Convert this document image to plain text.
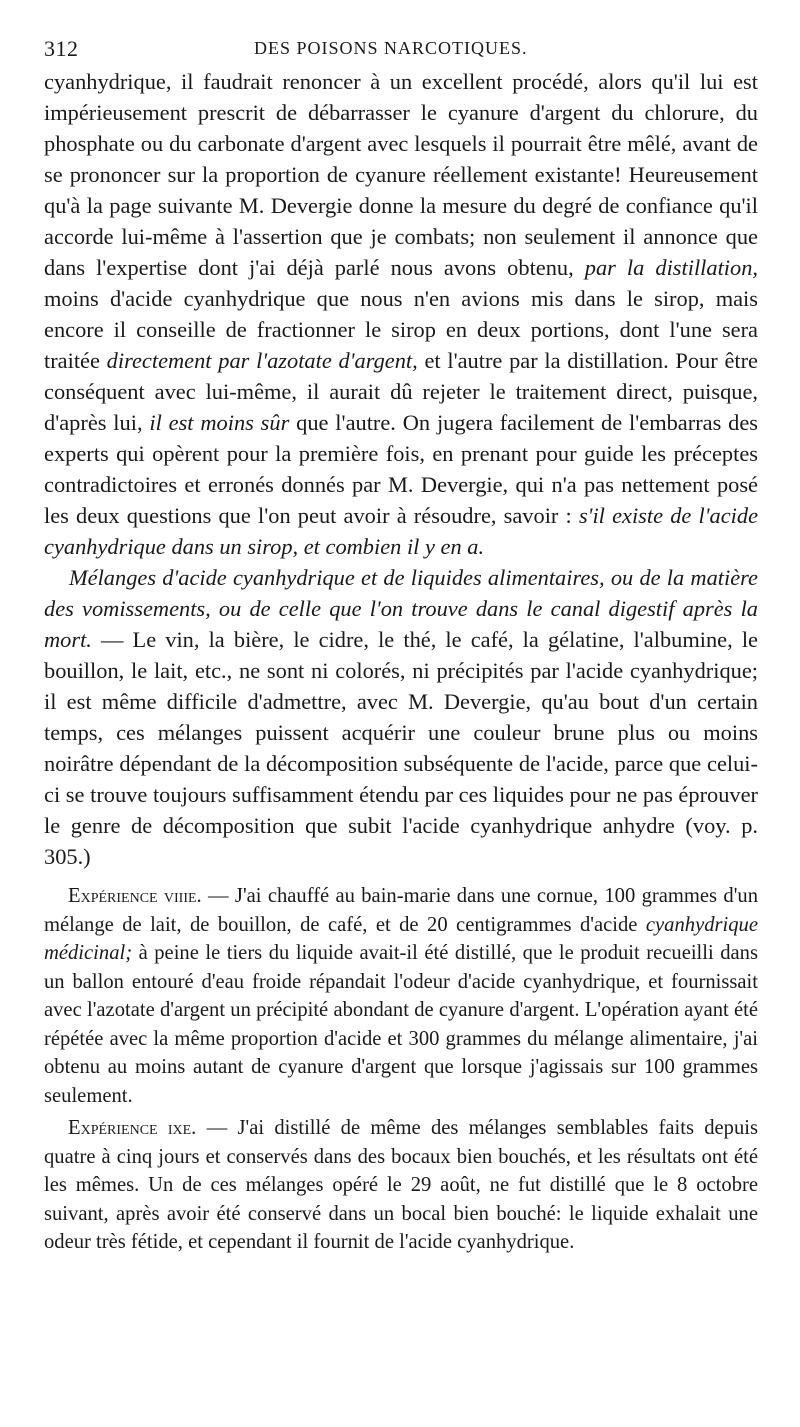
312	DES POISONS NARCOTIQUES.

cyanhydrique, il faudrait renoncer à un excellent procédé, alors qu'il lui est impérieusement prescrit de débarrasser le cyanure d'argent du chlorure, du phosphate ou du carbonate d'argent avec lesquels il pourrait être mêlé, avant de se prononcer sur la proportion de cyanure réellement existante! Heureusement qu'à la page suivante M. Devergie donne la mesure du degré de confiance qu'il accorde lui-même à l'assertion que je combats; non seulement il annonce que dans l'expertise dont j'ai déjà parlé nous avons obtenu, par la distillation, moins d'acide cyanhydrique que nous n'en avions mis dans le sirop, mais encore il conseille de fractionner le sirop en deux portions, dont l'une sera traitée directement par l'azotate d'argent, et l'autre par la distillation. Pour être conséquent avec lui-même, il aurait dû rejeter le traitement direct, puisque, d'après lui, il est moins sûr que l'autre. On jugera facilement de l'embarras des experts qui opèrent pour la première fois, en prenant pour guide les préceptes contradictoires et erronés donnés par M. Devergie, qui n'a pas nettement posé les deux questions que l'on peut avoir à résoudre, savoir : s'il existe de l'acide cyanhydrique dans un sirop, et combien il y en a.

Mélanges d'acide cyanhydrique et de liquides alimentaires, ou de la matière des vomissements, ou de celle que l'on trouve dans le canal digestif après la mort. — Le vin, la bière, le cidre, le thé, le café, la gélatine, l'albumine, le bouillon, le lait, etc., ne sont ni colorés, ni précipités par l'acide cyanhydrique; il est même difficile d'admettre, avec M. Devergie, qu'au bout d'un certain temps, ces mélanges puissent acquérir une couleur brune plus ou moins noirâtre dépendant de la décomposition subséquente de l'acide, parce que celui-ci se trouve toujours suffisamment étendu par ces liquides pour ne pas éprouver le genre de décomposition que subit l'acide cyanhydrique anhydre (voy. p. 305.)

Expérience viiie. — J'ai chauffé au bain-marie dans une cornue, 100 grammes d'un mélange de lait, de bouillon, de café, et de 20 centigrammes d'acide cyanhydrique médicinal; à peine le tiers du liquide avait-il été distillé, que le produit recueilli dans un ballon entouré d'eau froide répandait l'odeur d'acide cyanhydrique, et fournissait avec l'azotate d'argent un précipité abondant de cyanure d'argent. L'opération ayant été répétée avec la même proportion d'acide et 300 grammes du mélange alimentaire, j'ai obtenu au moins autant de cyanure d'argent que lorsque j'agissais sur 100 grammes seulement.

Expérience ixe. — J'ai distillé de même des mélanges semblables faits depuis quatre à cinq jours et conservés dans des bocaux bien bouchés, et les résultats ont été les mêmes. Un de ces mélanges opéré le 29 août, ne fut distillé que le 8 octobre suivant, après avoir été conservé dans un bocal bien bouché: le liquide exhalait une odeur très fétide, et cependant il fournit de l'acide cyanhydrique.
